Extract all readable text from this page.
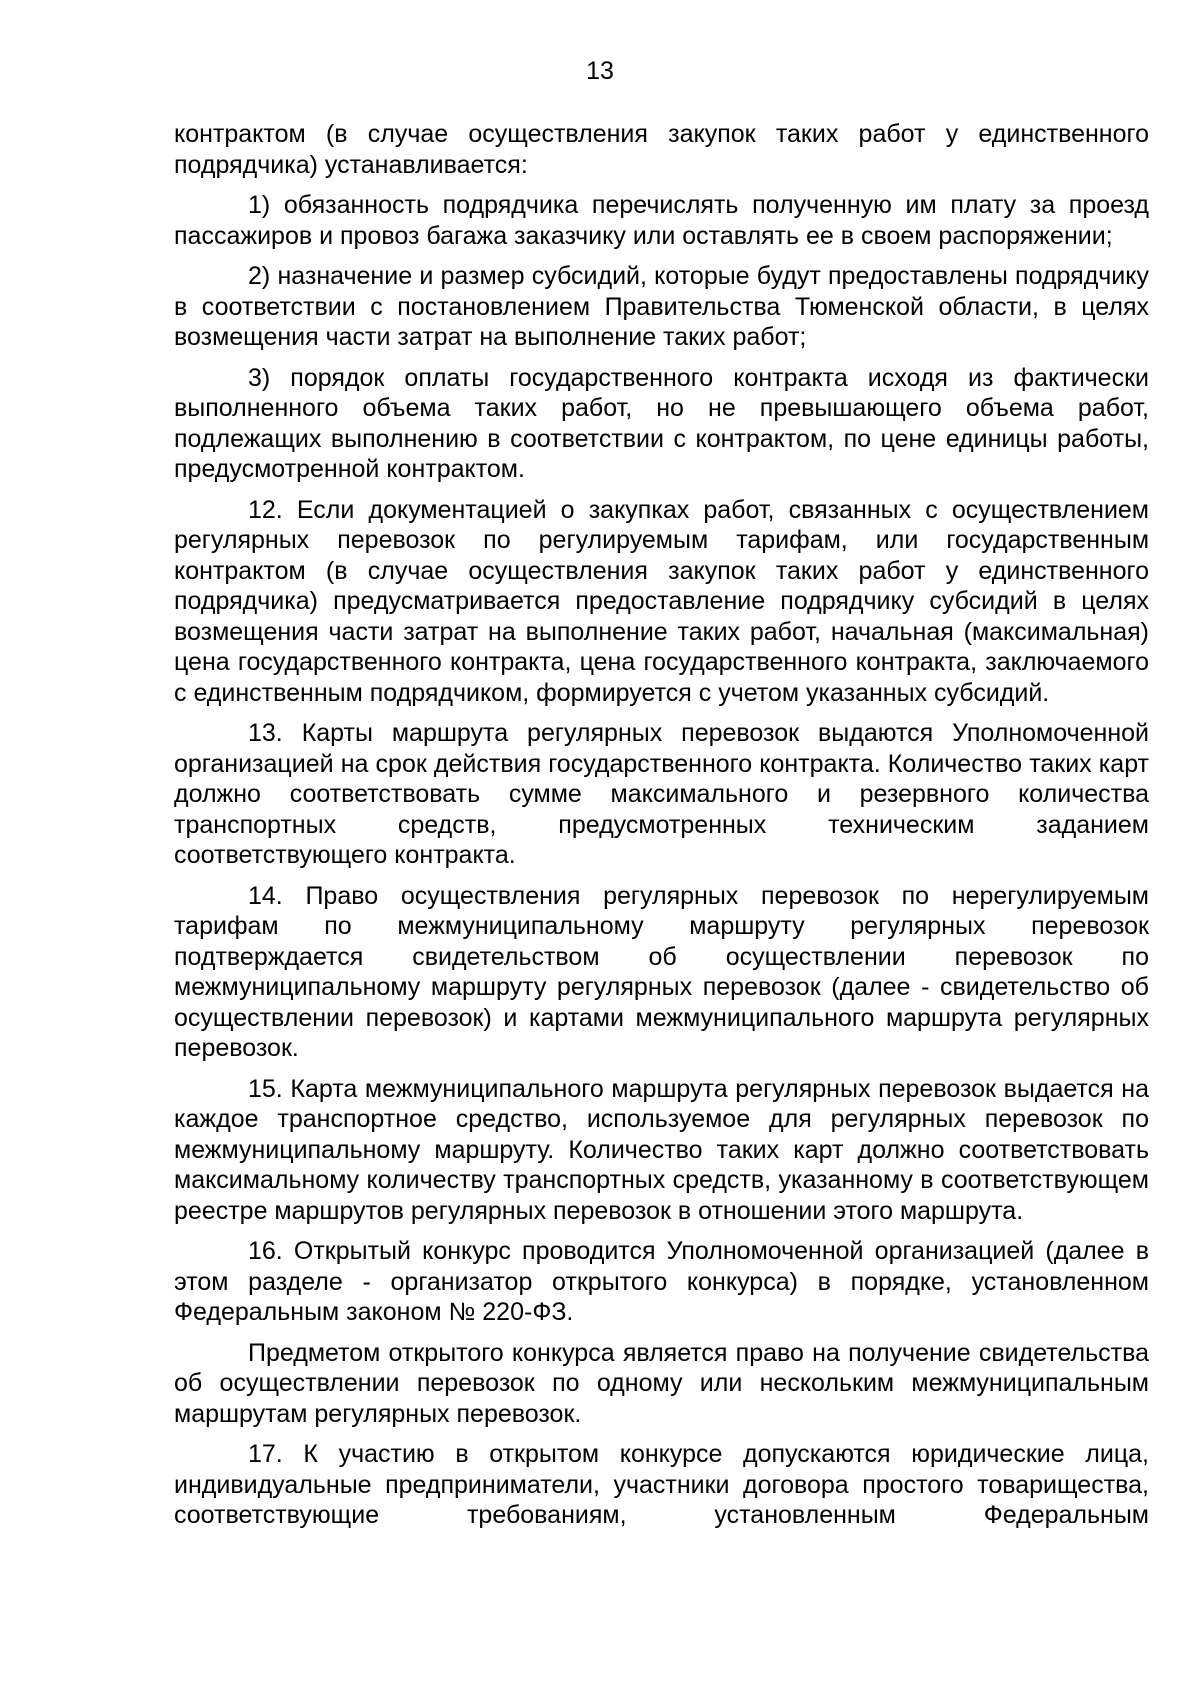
13

контрактом (в случае осуществления закупок таких работ у единственного подрядчика) устанавливается:

1) обязанность подрядчика перечислять полученную им плату за проезд пассажиров и провоз багажа заказчику или оставлять ее в своем распоряжении;

2) назначение и размер субсидий, которые будут предоставлены подрядчику в соответствии с постановлением Правительства Тюменской области, в целях возмещения части затрат на выполнение таких работ;

3) порядок оплаты государственного контракта исходя из фактически выполненного объема таких работ, но не превышающего объема работ, подлежащих выполнению в соответствии с контрактом, по цене единицы работы, предусмотренной контрактом.

12. Если документацией о закупках работ, связанных с осуществлением регулярных перевозок по регулируемым тарифам, или государственным контрактом (в случае осуществления закупок таких работ у единственного подрядчика) предусматривается предоставление подрядчику субсидий в целях возмещения части затрат на выполнение таких работ, начальная (максимальная) цена государственного контракта, цена государственного контракта, заключаемого с единственным подрядчиком, формируется с учетом указанных субсидий.

13. Карты маршрута регулярных перевозок выдаются Уполномоченной организацией на срок действия государственного контракта. Количество таких карт должно соответствовать сумме максимального и резервного количества транспортных средств, предусмотренных техническим заданием соответствующего контракта.

14. Право осуществления регулярных перевозок по нерегулируемым тарифам по межмуниципальному маршруту регулярных перевозок подтверждается свидетельством об осуществлении перевозок по межмуниципальному маршруту регулярных перевозок (далее - свидетельство об осуществлении перевозок) и картами межмуниципального маршрута регулярных перевозок.

15. Карта межмуниципального маршрута регулярных перевозок выдается на каждое транспортное средство, используемое для регулярных перевозок по межмуниципальному маршруту. Количество таких карт должно соответствовать максимальному количеству транспортных средств, указанному в соответствующем реестре маршрутов регулярных перевозок в отношении этого маршрута.

16. Открытый конкурс проводится Уполномоченной организацией (далее в этом разделе - организатор открытого конкурса) в порядке, установленном Федеральным законом № 220-ФЗ.

Предметом открытого конкурса является право на получение свидетельства об осуществлении перевозок по одному или нескольким межмуниципальным маршрутам регулярных перевозок.

17. К участию в открытом конкурсе допускаются юридические лица, индивидуальные предприниматели, участники договора простого товарищества, соответствующие требованиям, установленным Федеральным
